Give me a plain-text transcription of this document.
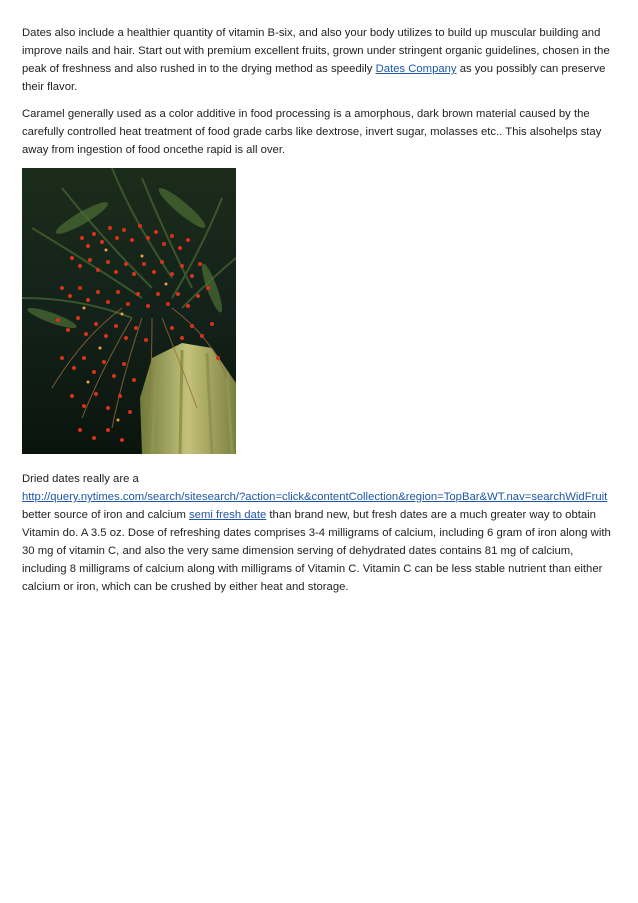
Dates also include a healthier quantity of vitamin B-six, and also your body utilizes to build up muscular building and improve nails and hair. Start out with premium excellent fruits, grown under stringent organic guidelines, chosen in the peak of freshness and also rushed in to the drying method as speedily Dates Company as you possibly can preserve their flavor.

Caramel generally used as a color additive in food processing is a amorphous, dark brown material caused by the carefully controlled heat treatment of food grade carbs like dextrose, invert sugar, molasses etc.. This alsohelps stay away from ingestion of food oncethe rapid is all over.

Dried dates really are a
http://query.nytimes.com/search/sitesearch/?action=click&contentCollection&region=TopBar&WT.nav=searchWidFruit better source of iron and calcium semi fresh date than brand new, but fresh dates are a much greater way to obtain Vitamin do. A 3.5 oz. Dose of refreshing dates comprises 3-4 milligrams of calcium, including 6 gram of iron along with 30 mg of vitamin C, and also the very same dimension serving of dehydrated dates contains 81 mg of calcium, including 8 milligrams of calcium along with milligrams of Vitamin C. Vitamin C can be less stable nutrient than either calcium or iron, which can be crushed by either heat and storage.
